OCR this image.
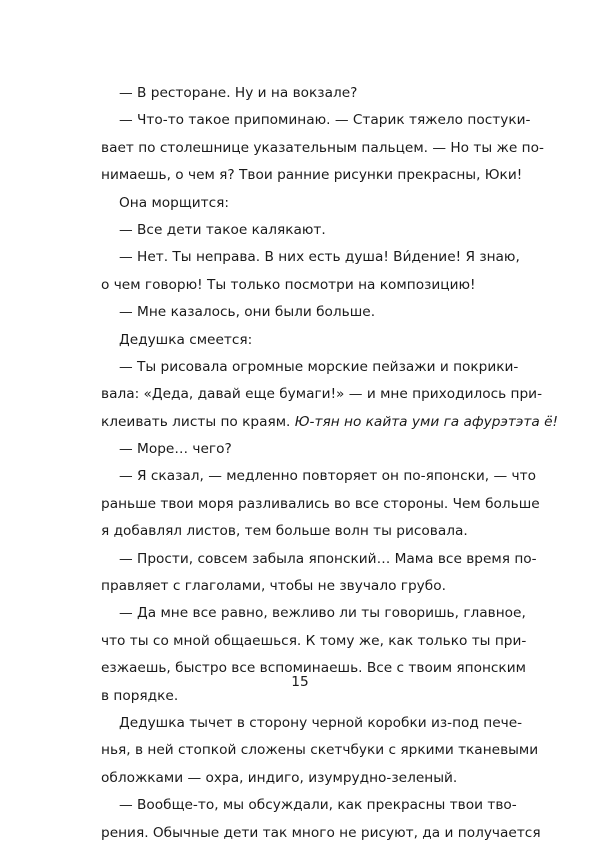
— В ресторане. Ну и на вокзале?
— Что-то такое припоминаю. — Старик тяжело постуки-
вает по столешнице указательным пальцем. — Но ты же по-
нимаешь, о чем я? Твои ранние рисунки прекрасны, Юки!
Она морщится:
— Все дети такое калякают.
— Нет. Ты неправа. В них есть душа! Ви́дение! Я знаю,
о чем говорю! Ты только посмотри на композицию!
— Мне казалось, они были больше.
Дедушка смеется:
— Ты рисовала огромные морские пейзажи и покрики-
вала: «Деда, давай еще бумаги!» — и мне приходилось при-
клеивать листы по краям. Ю-тян но кайта уми га афурэтэта ё!
— Море… чего?
— Я сказал, — медленно повторяет он по-японски, — что
раньше твои моря разливались во все стороны. Чем больше
я добавлял листов, тем больше волн ты рисовала.
— Прости, совсем забыла японский… Мама все время по-
правляет с глаголами, чтобы не звучало грубо.
— Да мне все равно, вежливо ли ты говоришь, главное,
что ты со мной общаешься. К тому же, как только ты при-
езжаешь, быстро все вспоминаешь. Все с твоим японским
в порядке.
Дедушка тычет в сторону черной коробки из-под пече-
нья, в ней стопкой сложены скетчбуки с яркими тканевыми
обложками — охра, индиго, изумрудно-зеленый.
— Вообще-то, мы обсуждали, как прекрасны твои тво-
рения. Обычные дети так много не рисуют, да и получается
15
